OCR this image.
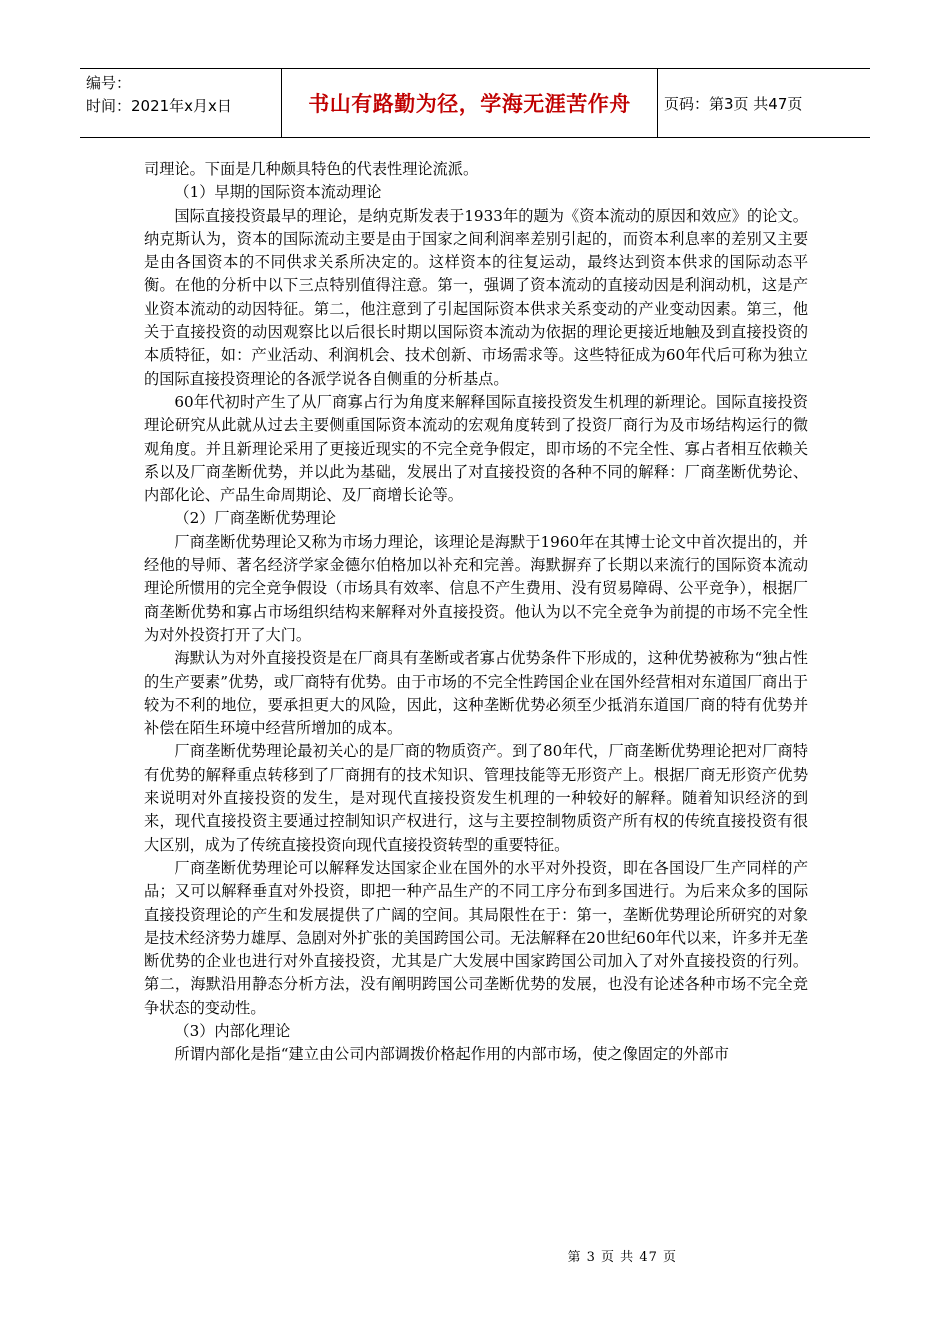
编号：
时间：2021年x月x日	书山有路勤为径，学海无涯苦作舟	页码：第3页 共47页

司理论。下面是几种颇具特色的代表性理论流派。

（1）早期的国际资本流动理论

国际直接投资最早的理论，是纳克斯发表于1933年的题为《资本流动的原因和效应》的论文。纳克斯认为，资本的国际流动主要是由于国家之间利润率差别引起的，而资本利息率的差别又主要是由各国资本的不同供求关系所决定的。这样资本的往复运动，最终达到资本供求的国际动态平衡。在他的分析中以下三点特别值得注意。第一，强调了资本流动的直接动因是利润动机，这是产业资本流动的动因特征。第二，他注意到了引起国际资本供求关系变动的产业变动因素。第三，他关于直接投资的动因观察比以后很长时期以国际资本流动为依据的理论更接近地触及到直接投资的本质特征，如：产业活动、利润机会、技术创新、市场需求等。这些特征成为60年代后可称为独立的国际直接投资理论的各派学说各自侧重的分析基点。

60年代初时产生了从厂商寡占行为角度来解释国际直接投资发生机理的新理论。国际直接投资理论研究从此就从过去主要侧重国际资本流动的宏观角度转到了投资厂商行为及市场结构运行的微观角度。并且新理论采用了更接近现实的不完全竞争假定，即市场的不完全性、寡占者相互依赖关系以及厂商垄断优势，并以此为基础，发展出了对直接投资的各种不同的解释：厂商垄断优势论、内部化论、产品生命周期论、及厂商增长论等。

（2）厂商垄断优势理论

厂商垄断优势理论又称为市场力理论，该理论是海默于1960年在其博士论文中首次提出的，并经他的导师、著名经济学家金德尔伯格加以补充和完善。海默摒弃了长期以来流行的国际资本流动理论所惯用的完全竞争假设（市场具有效率、信息不产生费用、没有贸易障碍、公平竞争），根据厂商垄断优势和寡占市场组织结构来解释对外直接投资。他认为以不完全竞争为前提的市场不完全性为对外投资打开了大门。

海默认为对外直接投资是在厂商具有垄断或者寡占优势条件下形成的，这种优势被称为“独占性的生产要素”优势，或厂商特有优势。由于市场的不完全性跨国企业在国外经营相对东道国厂商出于较为不利的地位，要承担更大的风险，因此，这种垄断优势必须至少抵消东道国厂商的特有优势并补偿在陌生环境中经营所增加的成本。

厂商垄断优势理论最初关心的是厂商的物质资产。到了80年代，厂商垄断优势理论把对厂商特有优势的解释重点转移到了厂商拥有的技术知识、管理技能等无形资产上。根据厂商无形资产优势来说明对外直接投资的发生，是对现代直接投资发生机理的一种较好的解释。随着知识经济的到来，现代直接投资主要通过控制知识产权进行，这与主要控制物质资产所有权的传统直接投资有很大区别，成为了传统直接投资向现代直接投资转型的重要特征。

厂商垄断优势理论可以解释发达国家企业在国外的水平对外投资，即在各国设厂生产同样的产品；又可以解释垂直对外投资，即把一种产品生产的不同工序分布到多国进行。为后来众多的国际直接投资理论的产生和发展提供了广阔的空间。其局限性在于：第一，垄断优势理论所研究的对象是技术经济势力雄厚、急剧对外扩张的美国跨国公司。无法解释在20世纪60年代以来，许多并无垄断优势的企业也进行对外直接投资，尤其是广大发展中国家跨国公司加入了对外直接投资的行列。第二，海默沿用静态分析方法，没有阐明跨国公司垄断优势的发展，也没有论述各种市场不完全竞争状态的变动性。

（3）内部化理论

所谓内部化是指“建立由公司内部调拨价格起作用的内部市场，使之像固定的外部市

第 3 页 共 47 页
